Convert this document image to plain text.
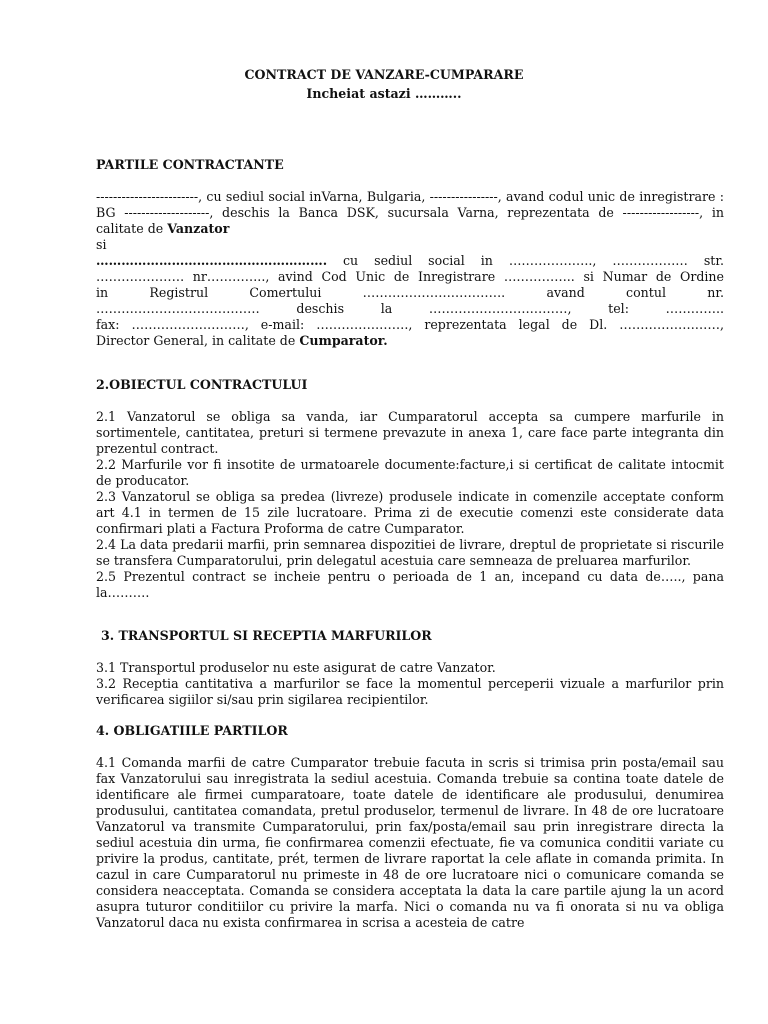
CONTRACT DE VANZARE-CUMPARARE
Incheiat astazi ………..
PARTILE CONTRACTANTE
------------------------, cu sediul social inVarna, Bulgaria, ----------------, avand codul unic de inregistrare : BG --------------------, deschis la Banca DSK, sucursala Varna, reprezentata de ------------------, in calitate de Vanzator
si
………………………………………………. cu sediul social in ……………….., ……………… str.
………………… nr………….., avind Cod Unic de Inregistrare …………….. si Numar de Ordine
in Registrul Comertului ……………………………. avand contul nr.
………………………………… deschis la ……………………………, tel: …………..
fax: ………………………, e-mail: …………………., reprezentata legal de Dl. ……………………,
Director General, in calitate de Cumparator.
2.OBIECTUL CONTRACTULUI
2.1 Vanzatorul se obliga sa vanda, iar Cumparatorul accepta sa cumpere marfurile in sortimentele, cantitatea, preturi si termene prevazute in anexa 1, care face parte integranta din prezentul contract.
2.2 Marfurile vor fi insotite de urmatoarele documente:facture,i si certificat de calitate intocmit de producator.
2.3 Vanzatorul se obliga sa predea (livreze) produsele indicate in comenzile acceptate conform art 4.1 in termen de 15 zile lucratoare. Prima zi de executie comenzi este considerate data confirmari plati a Factura Proforma de catre Cumparator.
2.4 La data predarii marfii, prin semnarea dispozitiei de livrare, dreptul de proprietate si riscurile se transfera Cumparatorului, prin delegatul acestuia care semneaza de preluarea marfurilor.
2.5 Prezentul contract se incheie pentru o perioada de 1 an, incepand cu data de….., pana la……….
3. TRANSPORTUL SI RECEPTIA MARFURILOR
3.1 Transportul produselor nu este asigurat de catre Vanzator.
3.2 Receptia cantitativa a marfurilor se face la momentul perceperii vizuale a marfurilor prin verificarea sigiilor si/sau prin sigilarea recipientilor.
4. OBLIGATIILE PARTILOR
4.1 Comanda marfii de catre Cumparator trebuie facuta in scris si trimisa prin posta/email sau fax Vanzatorului sau inregistrata la sediul acestuia. Comanda trebuie sa contina toate datele de identificare ale firmei cumparatoare, toate datele de identificare ale produsului, denumirea produsului, cantitatea comandata, pretul produselor, termenul de livrare. In 48 de ore lucratoare Vanzatorul va transmite Cumparatorului, prin fax/posta/email sau prin inregistrare directa la sediul acestuia din urma, fie confirmarea comenzii efectuate, fie va comunica conditii variate cu privire la produs, cantitate, prét, termen de livrare raportat la cele aflate in comanda primita. In cazul in care Cumparatorul nu primeste in 48 de ore lucratoare nici o comunicare comanda se considera neacceptata. Comanda se considera acceptata la data la care partile ajung la un acord asupra tuturor conditiilor cu privire la marfa. Nici o comanda nu va fi onorata si nu va obliga Vanzatorul daca nu exista confirmarea in scrisa a acesteia de catre
